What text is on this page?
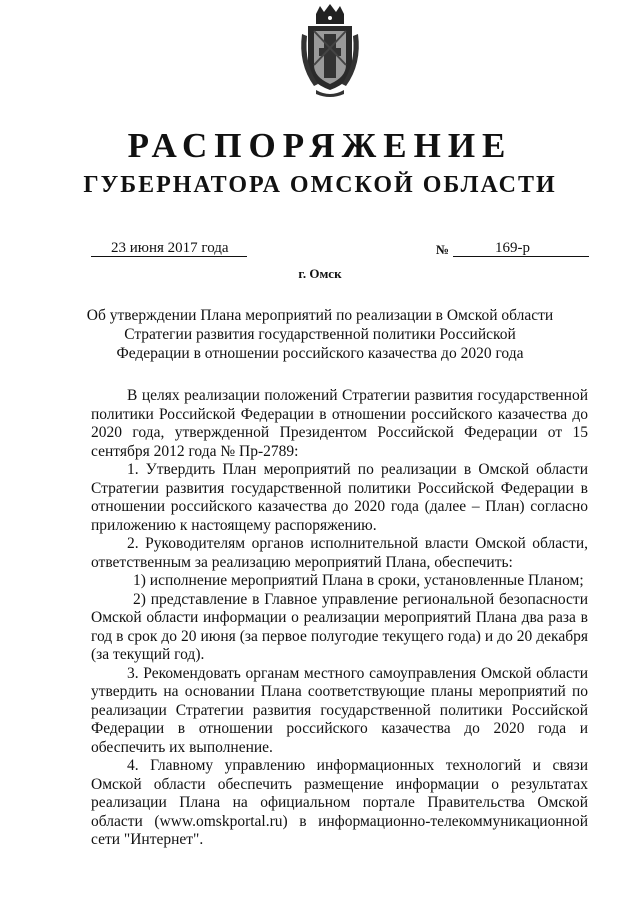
РАСПОРЯЖЕНИЕ
ГУБЕРНАТОРА ОМСКОЙ ОБЛАСТИ
23 июня 2017 года	№	169-р
г. Омск
Об утверждении Плана мероприятий по реализации в Омской области Стратегии развития государственной политики Российской Федерации в отношении российского казачества до 2020 года

В целях реализации положений Стратегии развития государственной политики Российской Федерации в отношении российского казачества до 2020 года, утвержденной Президентом Российской Федерации от 15 сентября 2012 года № Пр-2789:

1. Утвердить План мероприятий по реализации в Омской области Стратегии развития государственной политики Российской Федерации в отношении российского казачества до 2020 года (далее – План) согласно приложению к настоящему распоряжению.

2. Руководителям органов исполнительной власти Омской области, ответственным за реализацию мероприятий Плана, обеспечить:

1) исполнение мероприятий Плана в сроки, установленные Планом;

2) представление в Главное управление региональной безопасности Омской области информации о реализации мероприятий Плана два раза в год в срок до 20 июня (за первое полугодие текущего года) и до 20 декабря (за текущий год).

3. Рекомендовать органам местного самоуправления Омской области утвердить на основании Плана соответствующие планы мероприятий по реализации Стратегии развития государственной политики Российской Федерации в отношении российского казачества до 2020 года и обеспечить их выполнение.

4. Главному управлению информационных технологий и связи Омской области обеспечить размещение информации о результатах реализации Плана на официальном портале Правительства Омской области (www.omskportal.ru) в информационно-телекоммуникационной сети "Интернет".
